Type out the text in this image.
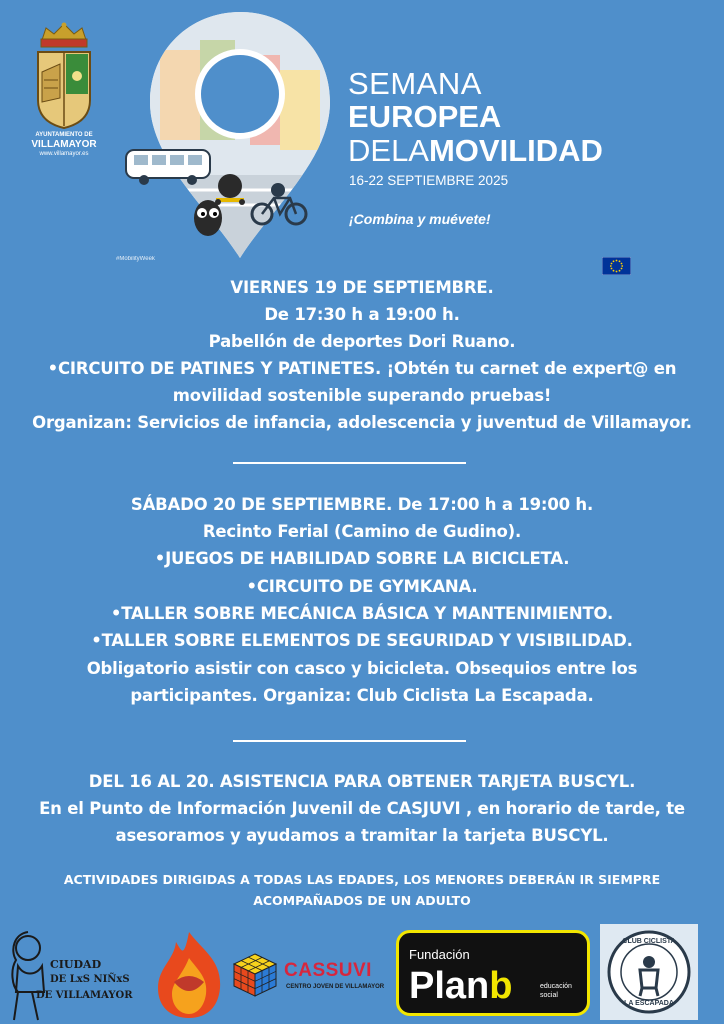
AYUNTAMIENTO DE
VILLAMAYOR
www.villamayor.es
SEMANA
EUROPEA
DELAMOVILIDAD
16-22 SEPTIEMBRE 2025
¡Combina y muévete!
#MobilityWeek
VIERNES 19 DE SEPTIEMBRE.
De 17:30 h a 19:00 h.
Pabellón de deportes Dori Ruano.
•CIRCUITO DE PATINES Y PATINETES. ¡Obtén tu carnet de expert@ en
movilidad sostenible superando pruebas!
Organizan: Servicios de infancia, adolescencia y juventud de Villamayor.
SÁBADO 20 DE SEPTIEMBRE. De 17:00 h a 19:00 h.
Recinto Ferial (Camino de Gudino).
•JUEGOS DE HABILIDAD SOBRE LA BICICLETA.
•CIRCUITO DE GYMKANA.
•TALLER SOBRE MECÁNICA BÁSICA Y MANTENIMIENTO.
•TALLER SOBRE ELEMENTOS DE SEGURIDAD Y VISIBILIDAD.
Obligatorio asistir con casco y bicicleta. Obsequios entre los
participantes. Organiza: Club Ciclista La Escapada.
DEL 16 AL 20. ASISTENCIA PARA OBTENER TARJETA BUSCYL.
En el Punto de Información Juvenil de CASJUVI , en horario de tarde, te
asesoramos y ayudamos a tramitar la tarjeta BUSCYL.
ACTIVIDADES DIRIGIDAS A TODAS LAS EDADES, LOS MENORES DEBERÁN IR SIEMPRE
ACOMPAÑADOS DE UN ADULTO
CIUDAD
DE LxS NIÑxS
DE VILLAMAYOR
CASSUVI
CENTRO JOVEN DE VILLAMAYOR
Fundación
Planb	educación
social
CLUB CICLISTA
LA ESCAPADA
